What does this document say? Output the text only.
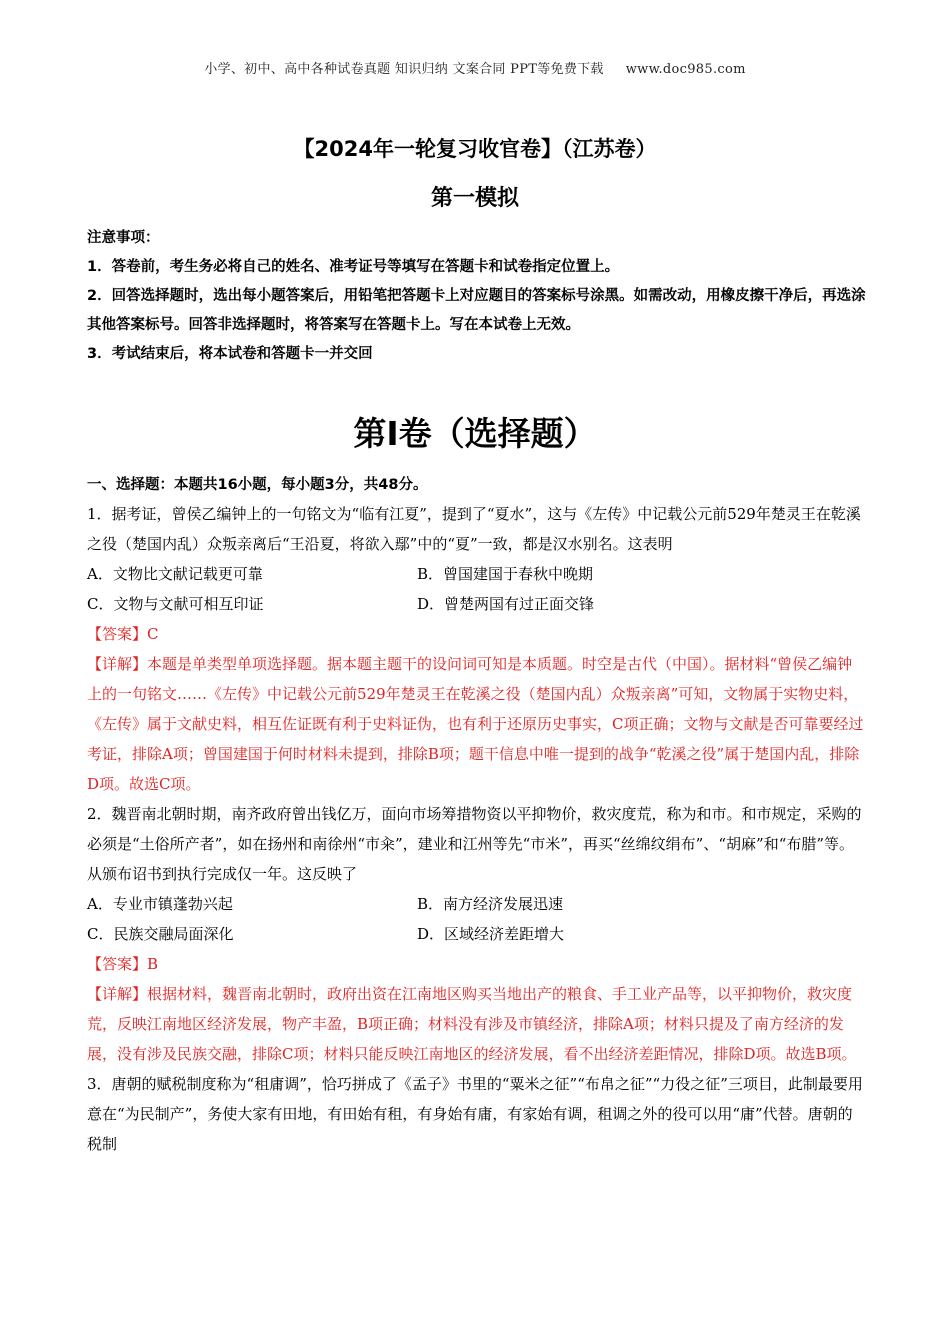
小学、初中、高中各种试卷真题 知识归纳 文案合同 PPT等免费下载 www.doc985.com
【2024年一轮复习收官卷】（江苏卷）
第一模拟

注意事项：

1．答卷前，考生务必将自己的姓名、准考证号等填写在答题卡和试卷指定位置上。

2．回答选择题时，选出每小题答案后，用铅笔把答题卡上对应题目的答案标号涂黑。如需改动，用橡皮擦干净后，再选涂其他答案标号。回答非选择题时，将答案写在答题卡上。写在本试卷上无效。

3．考试结束后，将本试卷和答题卡一并交回

第I卷（选择题）
一、选择题：本题共16小题，每小题3分，共48分。

1．据考证，曾侯乙编钟上的一句铭文为“临有江夏”，提到了“夏水”，这与《左传》中记载公元前529年楚灵王在乾溪之役（楚国内乱）众叛亲离后“王沿夏，将欲入鄢”中的“夏”一致，都是汉水别名。这表明

A．文物比文献记载更可靠	B．曾国建国于春秋中晚期
C．文物与文献可相互印证	D．曾楚两国有过正面交锋

【答案】C

【详解】本题是单类型单项选择题。据本题主题干的设问词可知是本质题。时空是古代（中国）。据材料“曾侯乙编钟上的一句铭文……《左传》中记载公元前529年楚灵王在乾溪之役（楚国内乱）众叛亲离”可知，文物属于实物史料，《左传》属于文献史料，相互佐证既有利于史料证伪，也有利于还原历史事实，C项正确；文物与文献是否可靠要经过考证，排除A项；曾国建国于何时材料未提到，排除B项；题干信息中唯一提到的战争“乾溪之役”属于楚国内乱，排除D项。故选C项。

2．魏晋南北朝时期，南齐政府曾出钱亿万，面向市场筹措物资以平抑物价，救灾度荒，称为和市。和市规定，采购的必须是“土俗所产者”，如在扬州和南徐州“市籴”，建业和江州等先“市米”，再买“丝绵纹绢布”、“胡麻”和“布腊”等。从颁布诏书到执行完成仅一年。这反映了

A．专业市镇蓬勃兴起	B．南方经济发展迅速
C．民族交融局面深化	D．区域经济差距增大

【答案】B

【详解】根据材料，魏晋南北朝时，政府出资在江南地区购买当地出产的粮食、手工业产品等，以平抑物价，救灾度荒，反映江南地区经济发展，物产丰盈，B项正确；材料没有涉及市镇经济，排除A项；材料只提及了南方经济的发展，没有涉及民族交融，排除C项；材料只能反映江南地区的经济发展，看不出经济差距情况，排除D项。故选B项。

3．唐朝的赋税制度称为“租庸调”，恰巧拼成了《孟子》书里的“粟米之征”“布帛之征”“力役之征”三项目，此制最要用意在“为民制产”，务使大家有田地，有田始有租，有身始有庸，有家始有调，租调之外的役可以用“庸”代替。唐朝的税制
